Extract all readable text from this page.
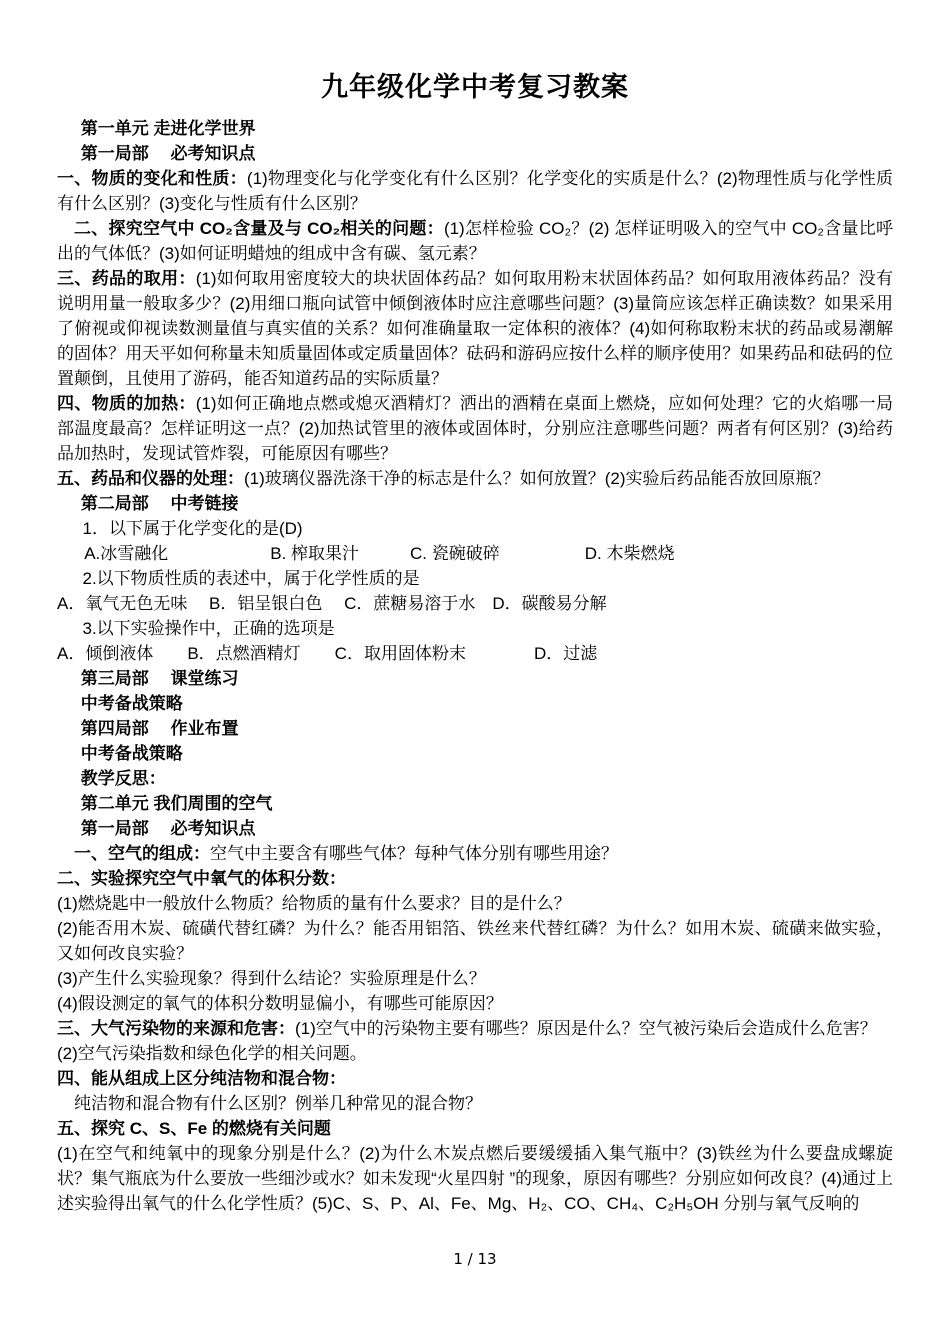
九年级化学中考复习教案

第一单元 走进化学世界

第一局部　 必考知识点

一、物质的变化和性质：(1)物理变化与化学变化有什么区别？化学变化的实质是什么？(2)物理性质与化学性质有什么区别？(3)变化与性质有什么区别？

二、探究空气中 CO₂含量及与 CO₂相关的问题：(1)怎样检验 CO₂？(2) 怎样证明吸入的空气中 CO₂含量比呼出的气体低？(3)如何证明蜡烛的组成中含有碳、氢元素？

三、药品的取用：(1)如何取用密度较大的块状固体药品？如何取用粉末状固体药品？如何取用液体药品？没有说明用量一般取多少？(2)用细口瓶向试管中倾倒液体时应注意哪些问题？(3)量筒应该怎样正确读数？如果采用了俯视或仰视读数测量值与真实值的关系？如何准确量取一定体积的液体？(4)如何称取粉末状的药品或易潮解的固体？用天平如何称量未知质量固体或定质量固体？砝码和游码应按什么样的顺序使用？如果药品和砝码的位置颠倒，且使用了游码，能否知道药品的实际质量？

四、物质的加热：(1)如何正确地点燃或熄灭酒精灯？洒出的酒精在桌面上燃烧，应如何处理？它的火焰哪一局部温度最高？怎样证明这一点？(2)加热试管里的液体或固体时，分别应注意哪些问题？两者有何区别？(3)给药品加热时，发现试管炸裂，可能原因有哪些？

五、药品和仪器的处理：(1)玻璃仪器洗涤干净的标志是什么？如何放置？(2)实验后药品能否放回原瓶？

第二局部　 中考链接

1．以下属于化学变化的是(D)

A.冰雪融化　　　　　　B. 榨取果汁　　　C. 瓷碗破碎　　　　　D. 木柴燃烧

2.以下物质性质的表述中，属于化学性质的是

A．氧气无色无味　 B．铝呈银白色　 C．蔗糖易溶于水　D．碳酸易分解

3.以下实验操作中，正确的选项是

A．倾倒液体　　B．点燃酒精灯　　C．取用固体粉末　　　　D．过滤

第三局部　 课堂练习

中考备战策略

第四局部　 作业布置

中考备战策略

教学反思：

第二单元 我们周围的空气

第一局部　 必考知识点

一、空气的组成：空气中主要含有哪些气体？每种气体分别有哪些用途？

二、实验探究空气中氧气的体积分数：

(1)燃烧匙中一般放什么物质？给物质的量有什么要求？目的是什么？

(2)能否用木炭、硫磺代替红磷？为什么？能否用铝箔、铁丝来代替红磷？为什么？如用木炭、硫磺来做实验，又如何改良实验？

(3)产生什么实验现象？得到什么结论？实验原理是什么？

(4)假设测定的氧气的体积分数明显偏小，有哪些可能原因？

三、大气污染物的来源和危害：(1)空气中的污染物主要有哪些？原因是什么？空气被污染后会造成什么危害？

(2)空气污染指数和绿色化学的相关问题。

四、能从组成上区分纯洁物和混合物：

纯洁物和混合物有什么区别？例举几种常见的混合物？

五、探究 C、S、Fe 的燃烧有关问题

(1)在空气和纯氧中的现象分别是什么？(2)为什么木炭点燃后要缓缓插入集气瓶中？(3)铁丝为什么要盘成螺旋状？集气瓶底为什么要放一些细沙或水？如未发现“火星四射 ”的现象，原因有哪些？分别应如何改良？(4)通过上述实验得出氧气的什么化学性质？(5)C、S、P、Al、Fe、Mg、H₂、CO、CH₄、C₂H₅OH 分别与氧气反响的

1 / 13
